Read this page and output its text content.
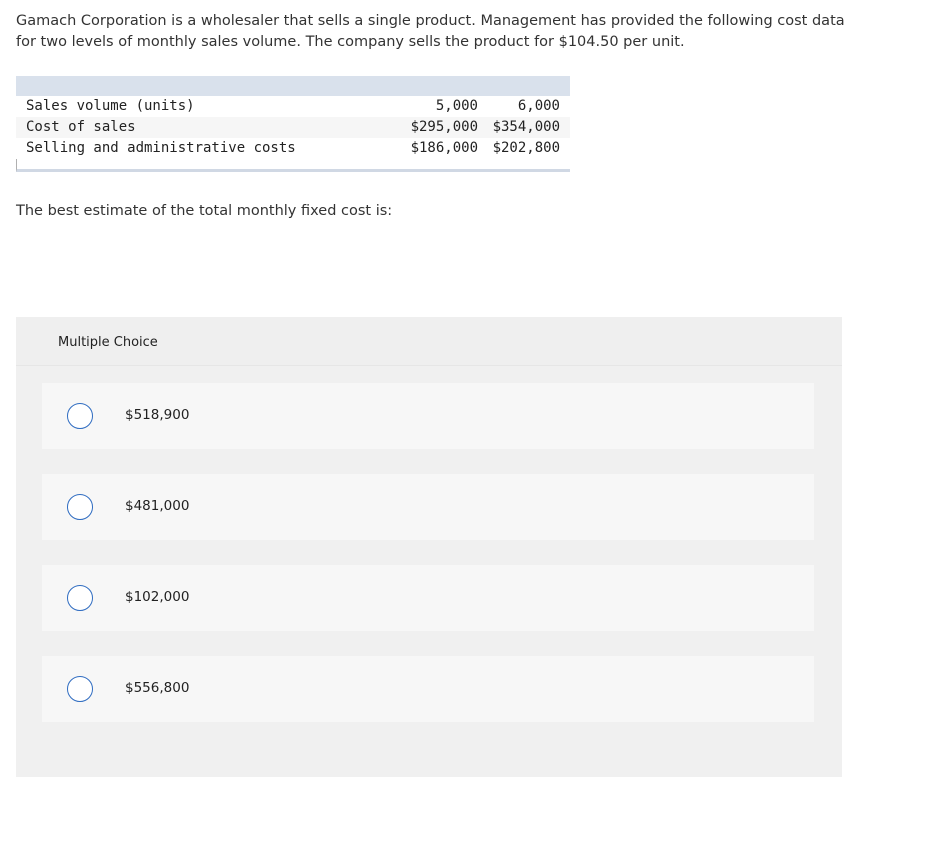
Gamach Corporation is a wholesaler that sells a single product. Management has provided the following cost data for two levels of monthly sales volume. The company sells the product for $104.50 per unit.

Sales volume (units)	5,000	6,000
Cost of sales	$295,000	$354,000
Selling and administrative costs	$186,000	$202,800

The best estimate of the total monthly fixed cost is:

Multiple Choice
$518,900
$481,000
$102,000
$556,800
